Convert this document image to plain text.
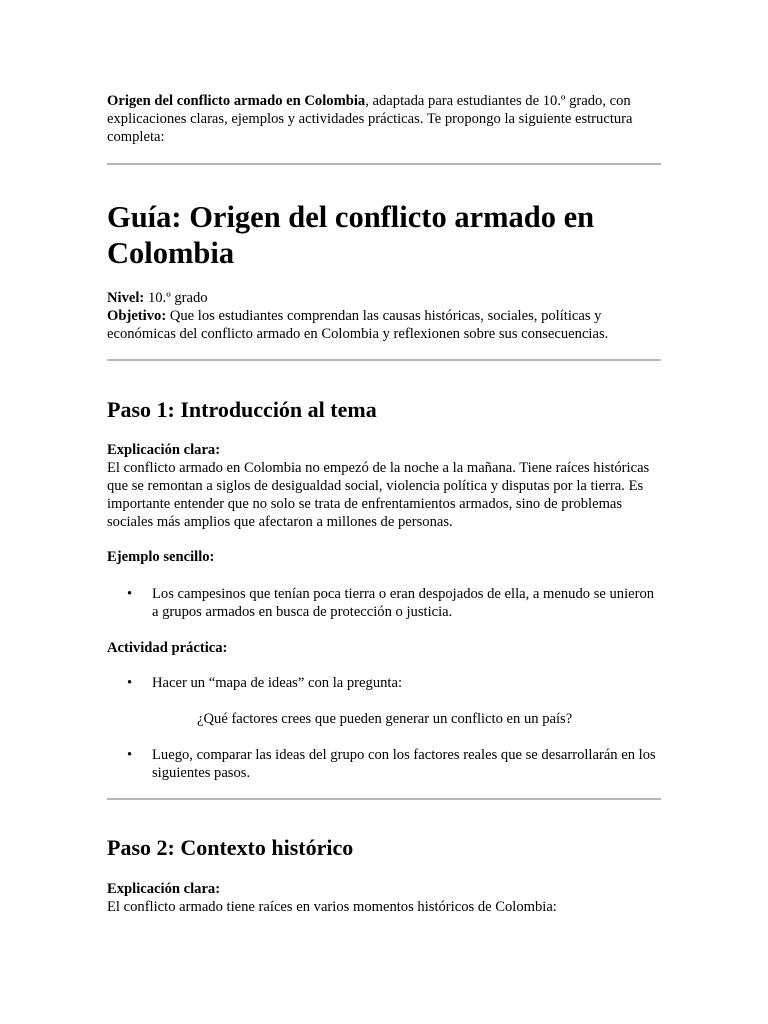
Origen del conflicto armado en Colombia, adaptada para estudiantes de 10.º grado, con explicaciones claras, ejemplos y actividades prácticas. Te propongo la siguiente estructura completa:

Guía: Origen del conflicto armado en Colombia

Nivel: 10.º grado

Objetivo: Que los estudiantes comprendan las causas históricas, sociales, políticas y económicas del conflicto armado en Colombia y reflexionen sobre sus consecuencias.

Paso 1: Introducción al tema

Explicación clara:

El conflicto armado en Colombia no empezó de la noche a la mañana. Tiene raíces históricas que se remontan a siglos de desigualdad social, violencia política y disputas por la tierra. Es importante entender que no solo se trata de enfrentamientos armados, sino de problemas sociales más amplios que afectaron a millones de personas.

Ejemplo sencillo:

• Los campesinos que tenían poca tierra o eran despojados de ella, a menudo se unieron a grupos armados en busca de protección o justicia.

Actividad práctica:

• Hacer un “mapa de ideas” con la pregunta:

¿Qué factores crees que pueden generar un conflicto en un país?

• Luego, comparar las ideas del grupo con los factores reales que se desarrollarán en los siguientes pasos.
Paso 2: Contexto histórico

Explicación clara:

El conflicto armado tiene raíces en varios momentos históricos de Colombia:
